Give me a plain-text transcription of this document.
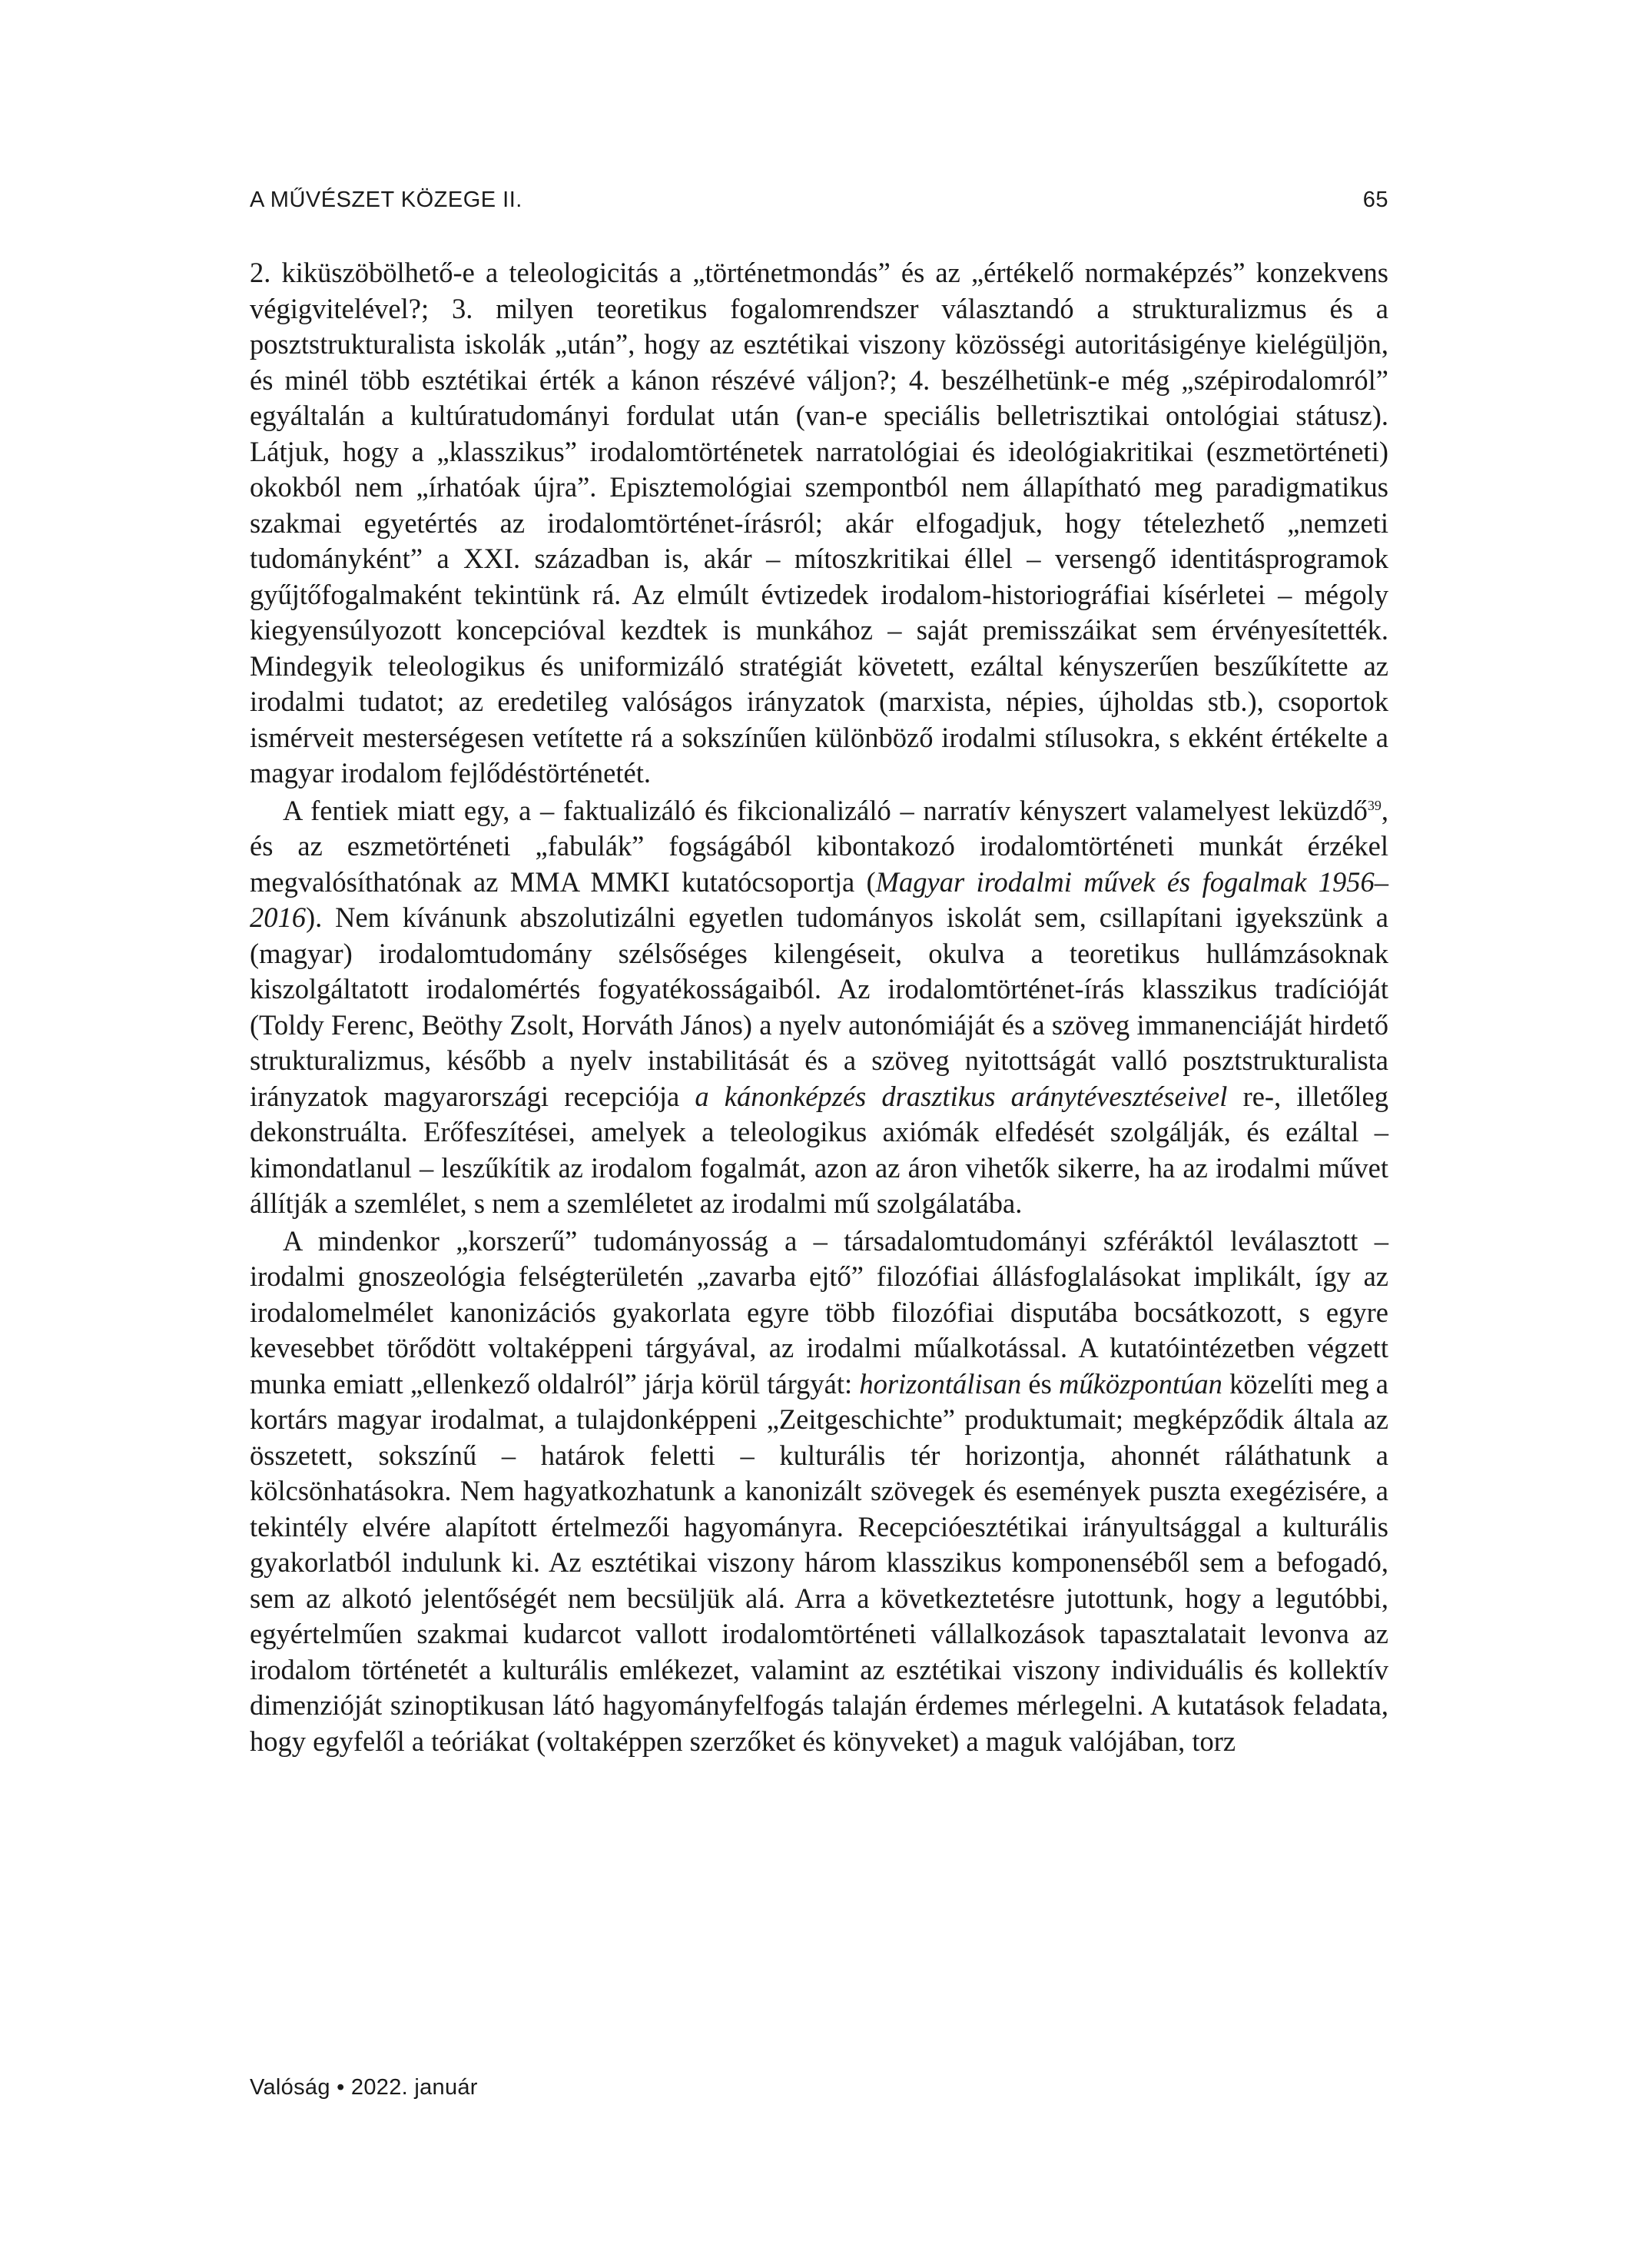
A MŰVÉSZET KÖZEGE II.	65

2. kiküszöbölhető-e a teleologicitás a „történetmondás” és az „értékelő normaképzés” konzekvens végigvitelével?; 3. milyen teoretikus fogalomrendszer választandó a strukturalizmus és a posztstrukturalista iskolák „után”, hogy az esztétikai viszony közösségi autoritásigénye kielégüljön, és minél több esztétikai érték a kánon részévé váljon?; 4. beszélhetünk-e még „szépirodalomról” egyáltalán a kultúratudományi fordulat után (van-e speciális belletrisztikai ontológiai státusz). Látjuk, hogy a „klasszikus” irodalomtörténetek narratológiai és ideológiakritikai (eszmetörténeti) okokból nem „írhatóak újra”. Episztemológiai szempontból nem állapítható meg paradigmatikus szakmai egyetértés az irodalomtörténet-írásról; akár elfogadjuk, hogy tételezhető „nemzeti tudományként” a XXI. században is, akár – mítoszkritikai éllel – versengő identitásprogramok gyűjtőfogalmaként tekintünk rá. Az elmúlt évtizedek irodalom-historiográfiai kísérletei – mégoly kiegyensúlyozott koncepcióval kezdtek is munkához – saját premisszáikat sem érvényesítették. Mindegyik teleologikus és uniformizáló stratégiát követett, ezáltal kényszerűen beszűkítette az irodalmi tudatot; az eredetileg valóságos irányzatok (marxista, népies, újholdas stb.), csoportok ismérveit mesterségesen vetítette rá a sokszínűen különböző irodalmi stílusokra, s ekként értékelte a magyar irodalom fejlődéstörténetét.

A fentiek miatt egy, a – faktualizáló és fikcionalizáló – narratív kényszert valamelyest leküzdő$^{39}$, és az eszmetörténeti „fabulák” fogságából kibontakozó irodalomtörténeti munkát érzékel megvalósíthatónak az MMA MMKI kutatócsoportja (Magyar irodalmi művek és fogalmak 1956–2016). Nem kívánunk abszolutizálni egyetlen tudományos iskolát sem, csillapítani igyekszünk a (magyar) irodalomtudomány szélsőséges kilengéseit, okulva a teoretikus hullámzásoknak kiszolgáltatott irodalomértés fogyatékosságaiból. Az irodalomtörténet-írás klasszikus tradícióját (Toldy Ferenc, Beöthy Zsolt, Horváth János) a nyelv autonómiáját és a szöveg immanenciáját hirdető strukturalizmus, később a nyelv instabilitását és a szöveg nyitottságát valló posztstrukturalista irányzatok magyarországi recepciója a kánonképzés drasztikus aránytévesztéseivel re-, illetőleg dekonstruálta. Erőfeszítései, amelyek a teleologikus axiómák elfedését szolgálják, és ezáltal – kimondatlanul – leszűkítik az irodalom fogalmát, azon az áron vihetők sikerre, ha az irodalmi művet állítják a szemlélet, s nem a szemléletet az irodalmi mű szolgálatába.

A mindenkor „korszerű” tudományosság a – társadalomtudományi szféráktól leválasztott – irodalmi gnoszeológia felségterületén „zavarba ejtő” filozófiai állásfoglalásokat implikált, így az irodalomelmélet kanonizációs gyakorlata egyre több filozófiai disputába bocsátkozott, s egyre kevesebbet törődött voltaképpeni tárgyával, az irodalmi műalkotással. A kutatóintézetben végzett munka emiatt „ellenkező oldalról” járja körül tárgyát: horizontálisan és műközpontúan közelíti meg a kortárs magyar irodalmat, a tulajdonképpeni „Zeitgeschichte” produktumait; megképződik általa az összetett, sokszínű – határok feletti – kulturális tér horizontja, ahonnét ráláthatunk a kölcsönhatásokra. Nem hagyatkozhatunk a kanonizált szövegek és események puszta exegézisére, a tekintély elvére alapított értelmezői hagyományra. Recepcióesztétikai irányultsággal a kulturális gyakorlatból indulunk ki. Az esztétikai viszony három klasszikus komponenséből sem a befogadó, sem az alkotó jelentőségét nem becsüljük alá. Arra a következtetésre jutottunk, hogy a legutóbbi, egyértelműen szakmai kudarcot vallott irodalomtörténeti vállalkozások tapasztalatait levonva az irodalom történetét a kulturális emlékezet, valamint az esztétikai viszony individuális és kollektív dimenzióját szinoptikusan látó hagyományfelfogás talaján érdemes mérlegelni. A kutatások feladata, hogy egyfelől a teóriákat (voltaképpen szerzőket és könyveket) a maguk valójában, torz

Valóság • 2022. január
